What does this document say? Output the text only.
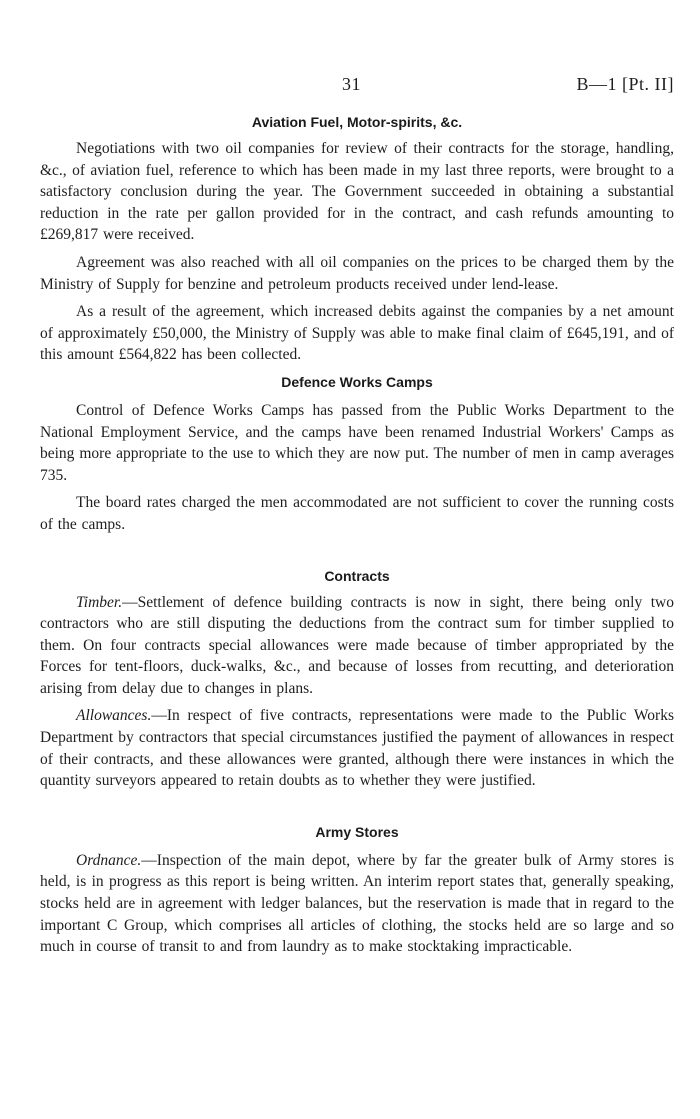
31	B—1 [Pt. II]
Aviation Fuel, Motor-spirits, &c.

Negotiations with two oil companies for review of their contracts for the storage, handling, &c., of aviation fuel, reference to which has been made in my last three reports, were brought to a satisfactory conclusion during the year. The Government succeeded in obtaining a substantial reduction in the rate per gallon provided for in the contract, and cash refunds amounting to £269,817 were received.

Agreement was also reached with all oil companies on the prices to be charged them by the Ministry of Supply for benzine and petroleum products received under lend-lease.

As a result of the agreement, which increased debits against the companies by a net amount of approximately £50,000, the Ministry of Supply was able to make final claim of £645,191, and of this amount £564,822 has been collected.

Defence Works Camps

Control of Defence Works Camps has passed from the Public Works Department to the National Employment Service, and the camps have been renamed Industrial Workers' Camps as being more appropriate to the use to which they are now put. The number of men in camp averages 735.

The board rates charged the men accommodated are not sufficient to cover the running costs of the camps.

Contracts

Timber.—Settlement of defence building contracts is now in sight, there being only two contractors who are still disputing the deductions from the contract sum for timber supplied to them. On four contracts special allowances were made because of timber appropriated by the Forces for tent-floors, duck-walks, &c., and because of losses from recutting, and deterioration arising from delay due to changes in plans.

Allowances.—In respect of five contracts, representations were made to the Public Works Department by contractors that special circumstances justified the payment of allowances in respect of their contracts, and these allowances were granted, although there were instances in which the quantity surveyors appeared to retain doubts as to whether they were justified.

Army Stores

Ordnance.—Inspection of the main depot, where by far the greater bulk of Army stores is held, is in progress as this report is being written. An interim report states that, generally speaking, stocks held are in agreement with ledger balances, but the reservation is made that in regard to the important C Group, which comprises all articles of clothing, the stocks held are so large and so much in course of transit to and from laundry as to make stocktaking impracticable.
